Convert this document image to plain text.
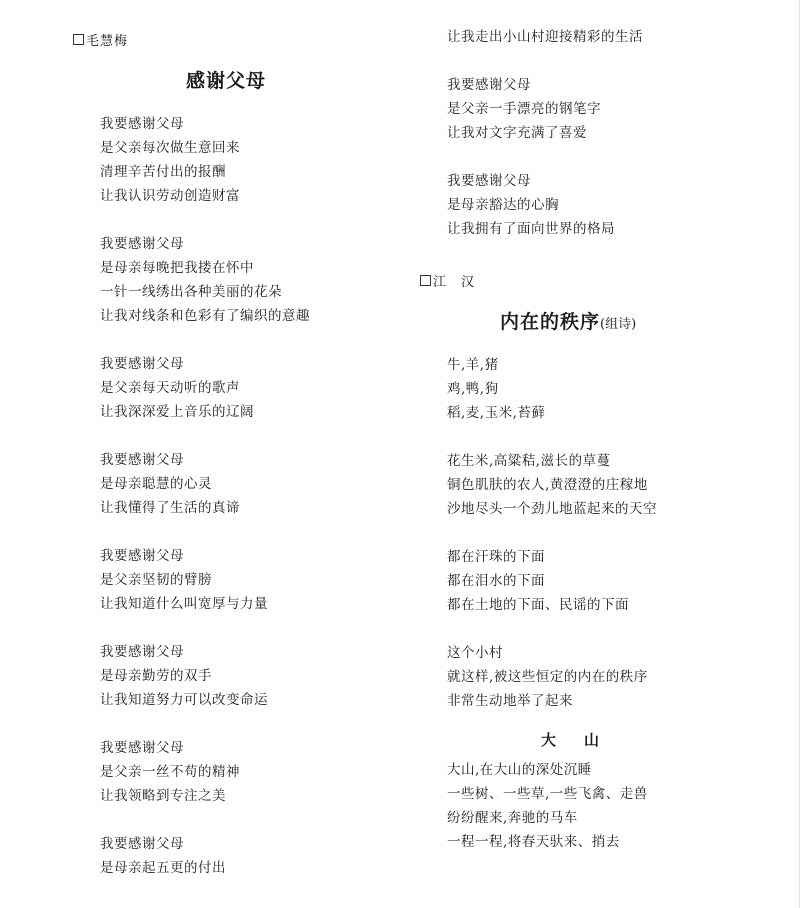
毛慧梅
感谢父母
我要感谢父母
是父亲每次做生意回来
清理辛苦付出的报酬
让我认识劳动创造财富
我要感谢父母
是母亲每晚把我搂在怀中
一针一线绣出各种美丽的花朵
让我对线条和色彩有了编织的意趣
我要感谢父母
是父亲每天动听的歌声
让我深深爱上音乐的辽阔
我要感谢父母
是母亲聪慧的心灵
让我懂得了生活的真谛
我要感谢父母
是父亲坚韧的臂膀
让我知道什么叫宽厚与力量
我要感谢父母
是母亲勤劳的双手
让我知道努力可以改变命运
我要感谢父母
是父亲一丝不苟的精神
让我领略到专注之美
我要感谢父母
是母亲起五更的付出
让我走出小山村迎接精彩的生活
我要感谢父母
是父亲一手漂亮的钢笔字
让我对文字充满了喜爱
我要感谢父母
是母亲豁达的心胸
让我拥有了面向世界的格局
江　汉
内在的秩序(组诗)
牛,羊,猪
鸡,鸭,狗
稻,麦,玉米,苔藓
花生米,高粱秸,滋长的草蔓
铜色肌肤的农人,黄澄澄的庄稼地
沙地尽头一个劲儿地蓝起来的天空
都在汗珠的下面
都在泪水的下面
都在土地的下面、民谣的下面
这个小村
就这样,被这些恒定的内在的秩序
非常生动地举了起来
大山
大山,在大山的深处沉睡
一些树、一些草,一些飞禽、走兽
纷纷醒来,奔驰的马车
一程一程,将春天驮来、捎去
